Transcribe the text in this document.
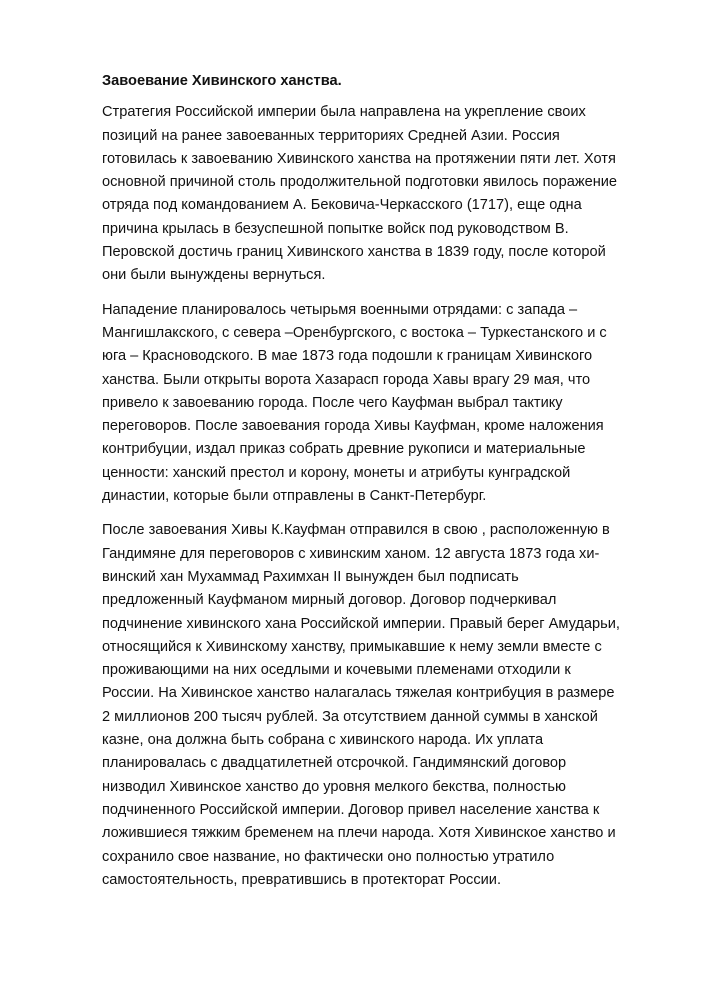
Завоевание Хивинского ханства.
Стратегия Российской империи была направлена на укрепление своих
позиций на ранее завоеванных территориях Средней Азии. Россия
готовилась к завоеванию Хивинского ханства на протяжении пяти лет. Хотя
основной причиной столь продолжительной подготовки явилось поражение
отряда под командованием А. Бековича-Черкасского (1717), еще одна
причина крылась в безуспешной попытке войск под руководством В.
Перовской достичь границ Хивинского ханства в 1839 году, после которой
они были вынуждены вернуться.
Нападение планировалось четырьмя военными отрядами: с запада –
Мангишлакского, с севера –Оренбургского, с востока – Туркестанского и с
юга – Красноводского. В мае 1873 года подошли к границам Хивинского
ханства. Были открыты ворота Хазарасп города Хавы врагу 29 мая, что
привело к завоеванию города. После чего Кауфман выбрал тактику
переговоров. После завоевания города Хивы Кауфман, кроме наложения
контрибуции, издал приказ собрать древние рукописи и материальные
ценности: ханский престол и корону, монеты и атрибуты кунградской
династии, которые были отправлены в Санкт-Петербург.
После завоевания Хивы К.Кауфман отправился в свою , расположенную в
Гандимяне для переговоров с хивинским ханом. 12 августа 1873 года хи-
винский хан Мухаммад Рахимхан II вынужден был подписать
предложенный Кауфманом мирный договор. Договор подчеркивал
подчинение хивинского хана Российской империи. Правый берег Амударьи,
относящийся к Хивинскому ханству, примыкавшие к нему земли вместе с
проживающими на них оседлыми и кочевыми племенами отходили к
России. На Хивинское ханство налагалась тяжелая контрибуция в размере
2 миллионов 200 тысяч рублей. За отсутствием данной суммы в ханской
казне, она должна быть собрана с хивинского народа. Их уплата
планировалась с двадцатилетней отсрочкой. Гандимянский договор
низводил Хивинское ханство до уровня мелкого бекства, полностью
подчиненного Российской империи. Договор привел население ханства к
ложившиеся тяжким бременем на плечи народа. Хотя Хивинское ханство и
сохранило свое название, но фактически оно полностью утратило
самостоятельность, превратившись в протекторат России.
